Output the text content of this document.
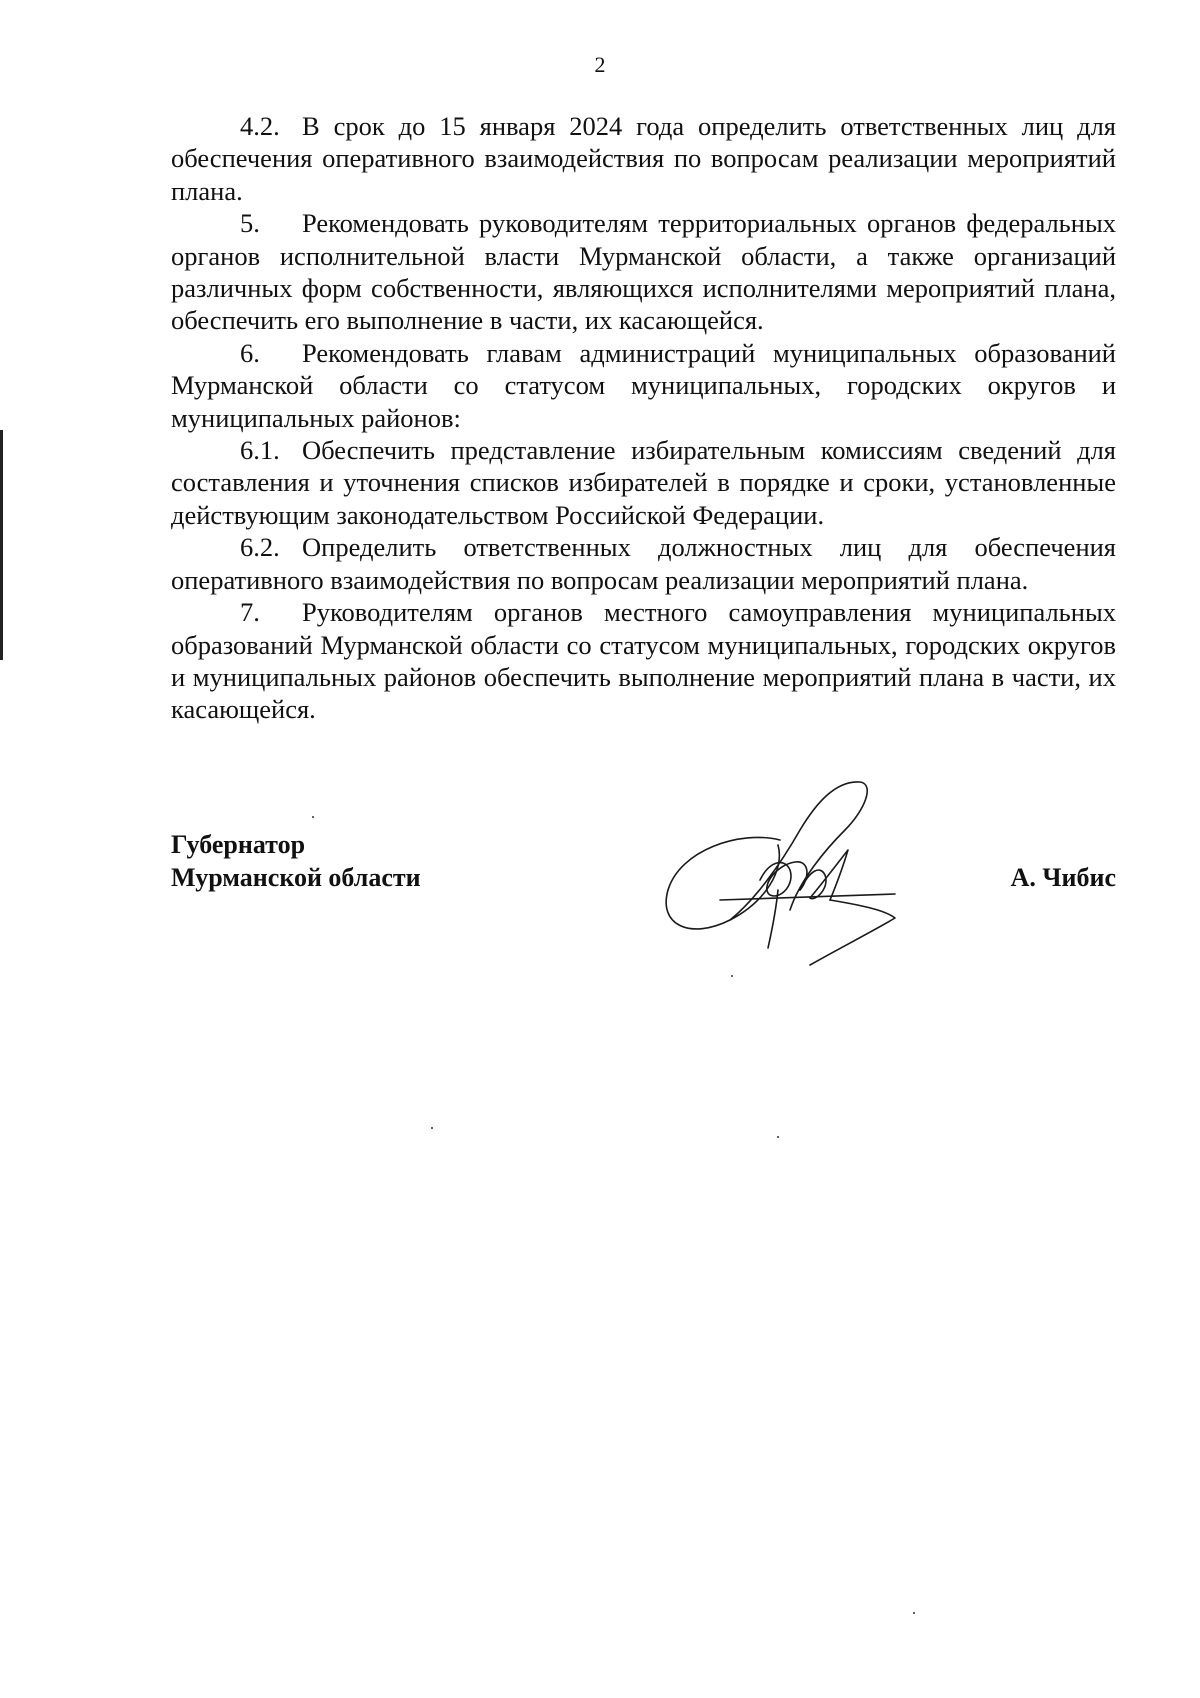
2

4.2. В срок до 15 января 2024 года определить ответственных лиц для обеспечения оперативного взаимодействия по вопросам реализации мероприятий плана.

5. Рекомендовать руководителям территориальных органов федеральных органов исполнительной власти Мурманской области, а также организаций различных форм собственности, являющихся исполнителями мероприятий плана, обеспечить его выполнение в части, их касающейся.

6. Рекомендовать главам администраций муниципальных образований Мурманской области со статусом муниципальных, городских округов и муниципальных районов:

6.1. Обеспечить представление избирательным комиссиям сведений для составления и уточнения списков избирателей в порядке и сроки, установленные действующим законодательством Российской Федерации.

6.2. Определить ответственных должностных лиц для обеспечения оперативного взаимодействия по вопросам реализации мероприятий плана.

7. Руководителям органов местного самоуправления муниципальных образований Мурманской области со статусом муниципальных, городских округов и муниципальных районов обеспечить выполнение мероприятий плана в части, их касающейся.

Губернатор
Мурманской области	А. Чибис
